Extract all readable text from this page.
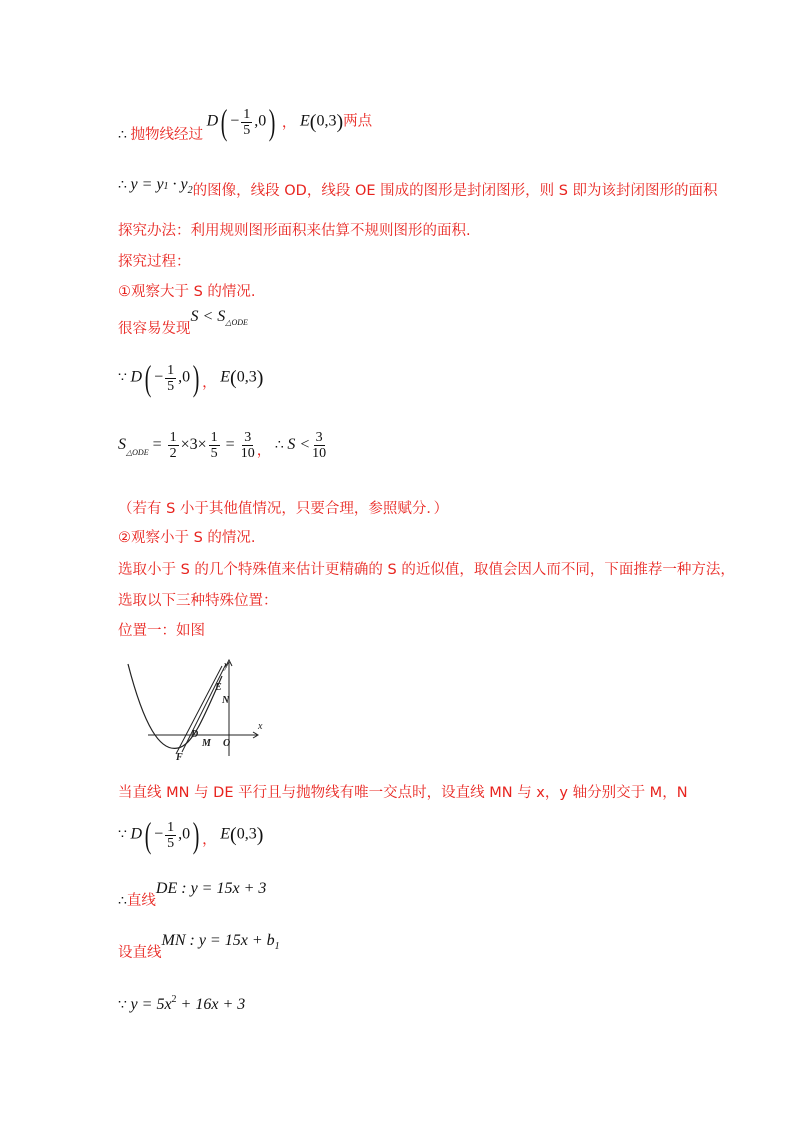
∴ 抛物线经过 $D( - \frac{1}{5} ,0)$ ， E(0,3)两点
∴ $y = y1 \cdot y_2$的图像，线段 OD，线段 OE 围成的图形是封闭图形，则 S 即为该封闭图形的面积
探究办法：利用规则图形面积来估算不规则图形的面积.
探究过程：
①观察大于 S 的情况.
很容易发现S < S△ODE
∵ $D( - \frac{1}{5} ,0)$ ， E(0,3)
$S_{\triangle ODE} = \frac{1}{2} \times 3\times \frac{1}{5} = \frac{3}{10}$ ， ∴ $S < \frac{3}{10}$
（若有 S 小于其他值情况，只要合理，参照赋分．）
②观察小于 S 的情况.
选取小于 S 的几个特殊值来估计更精确的 S 的近似值，取值会因人而不同，下面推荐一种方法，
选取以下三种特殊位置：
位置一：如图
y
E
N
x
D
M O
F
当直线 MN 与 DE 平行且与抛物线有唯一交点时，设直线 MN 与 x，y 轴分别交于 M，N
∵ $D( - \frac{1}{5} ,0)$ ， E(0,3)
∴直线DE : y = 15x + 3
设直线MN : y = 15x + b1
∵ $y = 5x^2 + 16x + 3$
